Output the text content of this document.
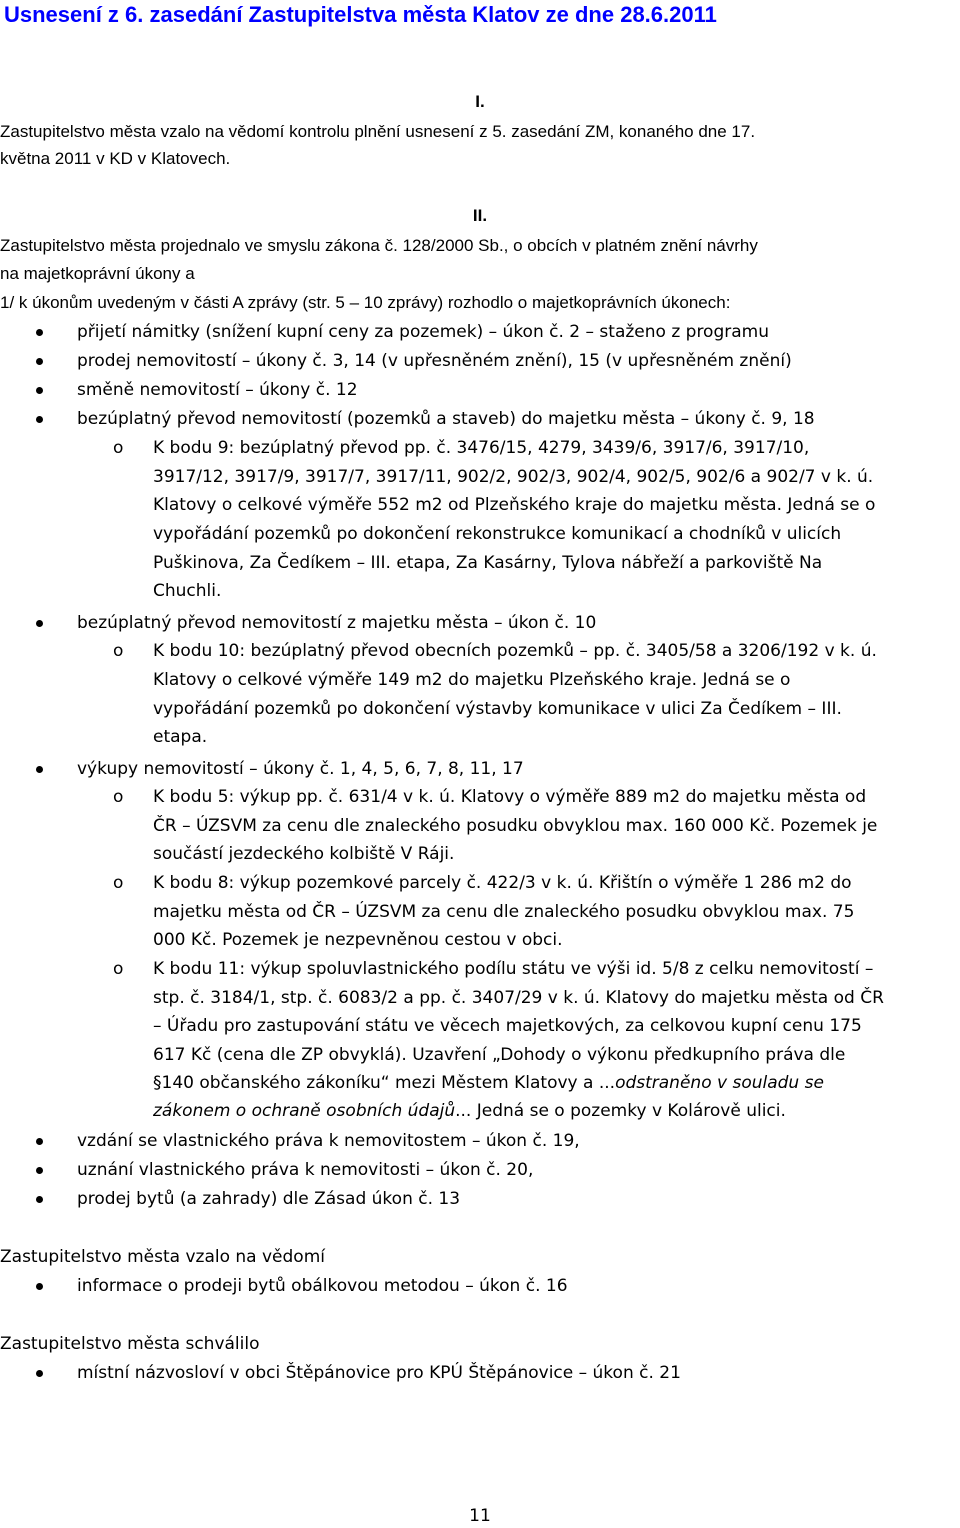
Usnesení z 6. zasedání Zastupitelstva města Klatov ze dne 28.6.2011
I.
Zastupitelstvo města vzalo na vědomí kontrolu plnění usnesení z 5. zasedání ZM, konaného dne 17.
května 2011 v KD v Klatovech.
II.
Zastupitelstvo města projednalo ve smyslu zákona č. 128/2000 Sb., o obcích v platném znění návrhy
na majetkoprávní úkony a
1/ k úkonům uvedeným v části A zprávy (str. 5 – 10 zprávy) rozhodlo o majetkoprávních úkonech:
přijetí námitky (snížení kupní ceny za pozemek) – úkon č. 2 – staženo z programu
prodej nemovitostí – úkony č. 3, 14 (v upřesněném znění), 15 (v upřesněném znění)
směně nemovitostí – úkony č. 12
bezúplatný převod nemovitostí (pozemků a staveb) do majetku města – úkony č. 9, 18
o K bodu 9: bezúplatný převod pp. č. 3476/15, 4279, 3439/6, 3917/6, 3917/10,
3917/12, 3917/9, 3917/7, 3917/11, 902/2, 902/3, 902/4, 902/5, 902/6 a 902/7 v k. ú.
Klatovy o celkové výměře 552 m2 od Plzeňského kraje do majetku města. Jedná se o
vypořádání pozemků po dokončení rekonstrukce komunikací a chodníků v ulicích
Puškinova, Za Čedíkem – III. etapa, Za Kasárny, Tylova nábřeží a parkoviště Na
Chuchli.
bezúplatný převod nemovitostí z majetku města – úkon č. 10
o K bodu 10: bezúplatný převod obecních pozemků – pp. č. 3405/58 a 3206/192 v k. ú.
Klatovy o celkové výměře 149 m2 do majetku Plzeňského kraje. Jedná se o
vypořádání pozemků po dokončení výstavby komunikace v ulici Za Čedíkem – III.
etapa.
výkupy nemovitostí – úkony č. 1, 4, 5, 6, 7, 8, 11, 17
o K bodu 5: výkup pp. č. 631/4 v k. ú. Klatovy o výměře 889 m2 do majetku města od
ČR – ÚZSVM za cenu dle znaleckého posudku obvyklou max. 160 000 Kč. Pozemek je
součástí jezdeckého kolbiště V Ráji.
o K bodu 8: výkup pozemkové parcely č. 422/3 v k. ú. Křištín o výměře 1 286 m2 do
majetku města od ČR – ÚZSVM za cenu dle znaleckého posudku obvyklou max. 75
000 Kč. Pozemek je nezpevněnou cestou v obci.
o K bodu 11: výkup spoluvlastnického podílu státu ve výši id. 5/8 z celku nemovitostí –
stp. č. 3184/1, stp. č. 6083/2 a pp. č. 3407/29 v k. ú. Klatovy do majetku města od ČR
– Úřadu pro zastupování státu ve věcech majetkových, za celkovou kupní cenu 175
617 Kč (cena dle ZP obvyklá). Uzavření „Dohody o výkonu předkupního práva dle
§140 občanského zákoníku“ mezi Městem Klatovy a ...odstraněno v souladu se
zákonem o ochraně osobních údajů... Jedná se o pozemky v Kolárově ulici.
vzdání se vlastnického práva k nemovitostem – úkon č. 19,
uznání vlastnického práva k nemovitosti – úkon č. 20,
prodej bytů (a zahrady) dle Zásad úkon č. 13
Zastupitelstvo města vzalo na vědomí
informace o prodeji bytů obálkovou metodou – úkon č. 16
Zastupitelstvo města schválilo
místní názvosloví v obci Štěpánovice pro KPÚ Štěpánovice – úkon č. 21
11
